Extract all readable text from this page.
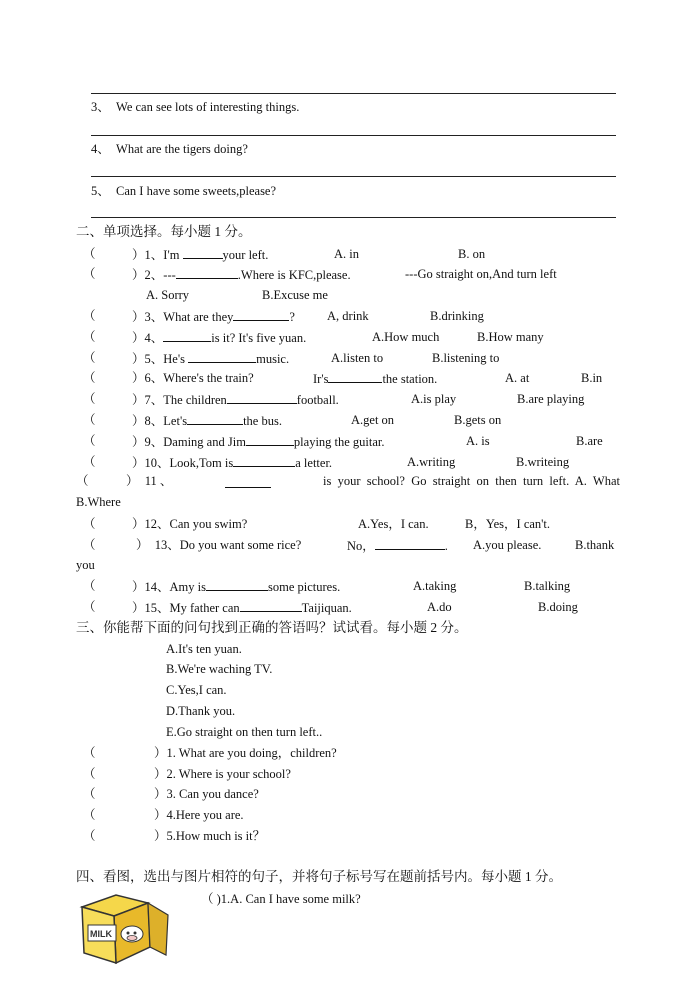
3、 We can see lots of interesting things.
4、 What are the tigers doing?
5、 Can I have some sweets,please?
二、单项选择。每小题 1 分。
（	）1、I'm	your left.	A. in	B. on
（	）2、---	.Where is KFC,please.	---Go straight on,And turn left
A. Sorry	B.Excuse me
（	）3、What are they	?	A, drink	B.drinking
（	）4、	is it? It's five yuan.	A.How much	B.How many
（	）5、He's	music.	A.listen to	B.listening to
（	）6、Where's the train?	Ir's	the station.	A. at	B.in
（	）7、The children	football.	A.is play	B.are playing
（	）8、Let's	the bus.	A.get on	B.gets on
（	）9、Daming and Jim	playing the guitar.	A. is	B.are
（	）10、Look,Tom is	a letter.	A.writing	B.writeing
（            ）  11 、	is  your  school?  Go  straight  on  then  turn  left.  A.  What
B.Where
（	）12、Can you swim?	A.Yes，I can.	B，Yes，I can't.
（	） 13、Do you want some rice?	No，	. A.you please.	B.thank
you
（	）14、Amy is	some pictures.	A.taking	B.talking
（	）15、My father can	Taijiquan.	A.do	B.doing
三、你能帮下面的问句找到正确的答语吗？试试看。每小题 2 分。
A.It's ten yuan.
B.We're waching TV.
C.Yes,I can.
D.Thank you.
E.Go straight on then turn left..
（	）1. What are you doing，children?
（	）2. Where is your school?
（	）3. Can you dance?
（	）4.Here you are.
（	）5.How much is it？
四、看图，选出与图片相符的句子，并将句子标号写在题前括号内。每小题 1 分。
（ )1.A. Can I have some milk?
MILK
